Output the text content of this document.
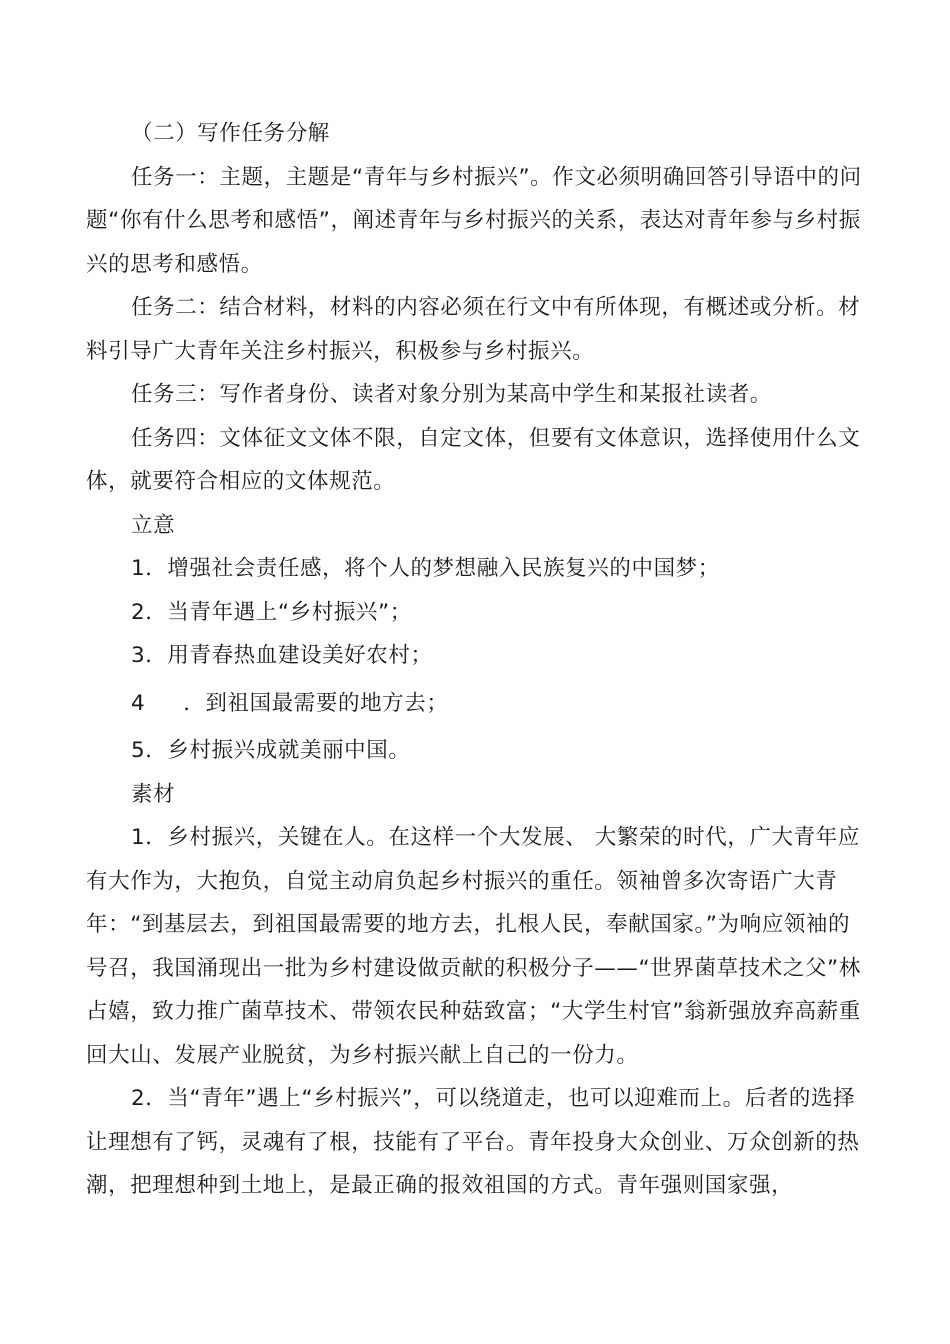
（二）写作任务分解

任务一：主题，主题是“青年与乡村振兴”。作文必须明确回答引导语中的问题“你有什么思考和感悟”，阐述青年与乡村振兴的关系，表达对青年参与乡村振兴的思考和感悟。

任务二：结合材料，材料的内容必须在行文中有所体现，有概述或分析。材料引导广大青年关注乡村振兴，积极参与乡村振兴。

任务三：写作者身份、读者对象分别为某高中学生和某报社读者。

任务四：文体征文文体不限，自定文体，但要有文体意识，选择使用什么文体，就要符合相应的文体规范。

立意

1．增强社会责任感，将个人的梦想融入民族复兴的中国梦；

2．当青年遇上“乡村振兴”；

3．用青春热血建设美好农村；

4 ．到祖国最需要的地方去；

5．乡村振兴成就美丽中国。

素材

1．乡村振兴，关键在人。在这样一个大发展、 大繁荣的时代，广大青年应有大作为，大抱负，自觉主动肩负起乡村振兴的重任。领袖曾多次寄语广大青年：“到基层去，到祖国最需要的地方去，扎根人民，奉献国家。”为响应领袖的号召，我国涌现出一批为乡村建设做贡献的积极分子——“世界菌草技术之父”林占嬉，致力推广菌草技术、带领农民种菇致富；“大学生村官”翁新强放弃高薪重回大山、发展产业脱贫，为乡村振兴献上自己的一份力。

2．当“青年”遇上“乡村振兴”，可以绕道走，也可以迎难而上。后者的选择让理想有了钙，灵魂有了根，技能有了平台。青年投身大众创业、万众创新的热潮，把理想种到土地上，是最正确的报效祖国的方式。青年强则国家强，
